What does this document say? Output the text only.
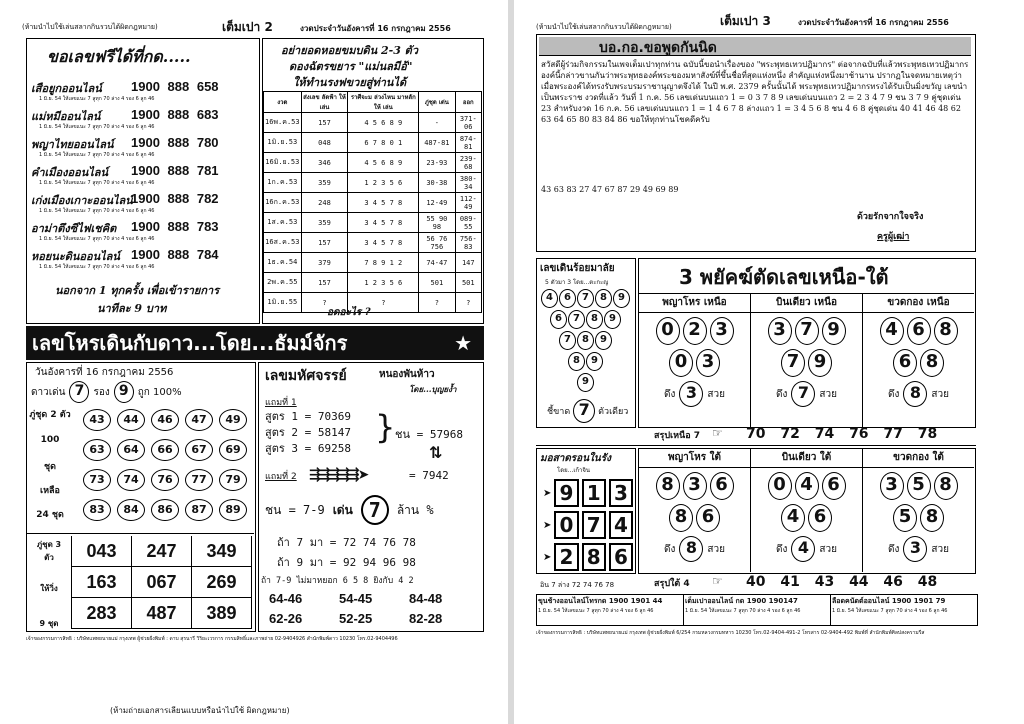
(ห้ามนำไปใช้เล่นสลากกินรวบได้ผิดกฎหมาย)	เต็มเปา 2	งวดประจำวันอังคารที่ 16 กรกฎาคม 2556
ขอเลขฟรีได้ที่กด.....
เสือยูกออนไลน์ 1900 888 658
1 มิ.ย. 54 ให้เลขแนะ 7 ลูทุก 70 ล่าง 4 รอง 6 ลูก 46
แม่หมีออนไลน์ 1900 888 683
1 มิ.ย. 54 ให้เลขแนะ 7 ลูทุก 70 ล่าง 4 รอง 6 ลูก 46
พญาไทยออนไลน์ 1900 888 780
1 มิ.ย. 54 ให้เลขแนะ 7 ลูทุก 70 ล่าง 4 รอง 6 ลูก 46
คำเมืองออนไลน์ 1900 888 781
1 มิ.ย. 54 ให้เลขแนะ 7 ลูทุก 70 ล่าง 4 รอง 6 ลูก 46
เก่งเมืองเกาะออนไลน์
1900 888 782
1 มิ.ย. 54 ให้เลขแนะ 7 ลูทุก 70 ล่าง 4 รอง 6 ลูก 46
อาม่าตึงซีไฟเชคิต 1900 888 783
1 มิ.ย. 54 ให้เลขแนะ 7 ลูทุก 70 ล่าง 4 รอง 6 ลูก 46
หอยนะดินออนไลน์ 1900 888 784
1 มิ.ย. 54 ให้เลขแนะ 7 ลูทุก 70 ล่าง 4 รอง 6 ลูก 46
นอกจาก 1 ทุกครั้ง เพื่อเข้ารายการ
นาทีละ 9 บาท
อย่ายอดหอยขมบดิน 2-3 ตัว
ดองฉัตรขยาร "แม่นลมีอ้"
ให้ทำนรงฟขวยสู่ท่านได้
งวด	ส่งเลข ลัดฟ้า ให้เล่น	ราศีจะม ล่วงไหน มาหลักให้ เล่น	ภู่ชุด เด่น	ออก
16พ.ค.53	157	4 5 6 8 9	-	371-06
1มิ.ย.53	048	6 7 8 0 1	487-81	874-81
16มิ.ย.53	346	4 5 6 8 9	23-93	239-68
1ก.ค.53	359	1 2 3 5 6	30-38	380-34
16ก.ค.53	248	3 4 5 7 8	12-49	112-49
1ส.ค.53	359	3 4 5 7 8	55 90 98	089-55
16ส.ค.53	157	3 4 5 7 8	56 76 756	756-83
1ธ.ค.54	379	7 8 9 1 2	74-47	147
2พ.ค.55	157	1 2 3 5 6	501	501
1มิ.ย.55	?	?	?	?
อดอะไร ?
เลขโหรเดินกับดาว...โดย...ธัมม์จักร	★
วันอังคารที่ 16 กรกฎาคม 2556
ดาวเด่น 7 รอง 9 ถูก 100%
ภู่ชุด 2 ตัว
100
ชุด
เหลือ
24 ชุด
43	44	46	47	49
63	64	66	67	69
73	74	76	77	79
83	84	86	87	89
ภู่ชุด 3 ตัว
ให้วิ่ง
9 ชุด
043	247	349
163	067	269
283	487	389
เลขมหัศจรรย์	หนองพันห้าว
โดย...บุญยง้ำ
แถมที่ 1
สูตร 1 = 70369
สูตร 2 = 58147
สูตร 3 = 69258
} ชน = 57968
⇅
แถมที่ 2 ⇶⇶⇶⇶⇶➤	= 7942
ชน = 7-9 เด่น 7	ล้าน %
ถ้า 7 มา = 72 74 76 78
ถ้า 9 มา = 92 94 96 98
ถ้า 7-9 ไม่มาหยอก 6 5 8 ยิงกับ 4 2
64-46	54-45	84-48
62-26	52-25	82-28
เจ้าของกรรมการสิทธิ : บริษัทแพทยนายแม่ กรุงเทพ ผู้ช่วยฝั่งพิมพ์ : ดาบ สุรนารี วิริยะเวรการ กรรมสิทธิ์และภาพถ่าย 02-9404926 สำนักพิมพ์ดาว 10230 โทร.02-9404496
(ห้ามถ่ายเอกสารเลียนแบบหรือนำไปใช้ ผิดกฎหมาย)
(ห้ามนำไปใช้เล่นสลากกินรวบได้ผิดกฎหมาย)	เต็มเปา 3	งวดประจำวันอังคารที่ 16 กรกฎาคม 2556
บอ.กอ.ขอพูดกันนิด
สวัสดีผู้ร่วมกิจกรรมในเพจเต็มเปาทุกท่าน ฉบับนี้ขอนำเรื่องของ "พระพุทธเทวปฏิมากร" ต่อจากฉบับที่แล้วพระพุทธเทวปฏิมากรองค์นี้กล่าวขานกันว่าพระพุทธองค์พระของมหาสังฆ์ที่ขึ้นชื่อที่สุดแห่งหนึ่ง สำคัญแห่งหนึ่งมาช้านาน ปรากฏในจดหมายเหตุว่า เมื่อพระองค์ได้ทรงรับพระบรมราชานุญาตจึงได้ ในปี พ.ศ. 2379 ครั้นนั้นได้ พระพุทธเทวปฏิมากรทรงได้รับเป็นมิ่งขวัญ เลขนำเป็นพระราช งวดที่แล้ว วันที่ 1 ก.ค. 56 เลขเด่นบนแถว 1 = 0 3 7 8 9 เลขเด่นบนแถว 2 = 2 3 4 7 9 ชน 3 7 9 คู่ชุดเด่น 23 สำหรับงวด 16 ก.ค. 56 เลขเด่นบนแถว 1 = 1 4 6 7 8 ล่างแถว 1 = 3 4 5 6 8 ชน 4 6 8 คู่ชุดเด่น 40 41 46 48 62 63 64 65 80 83 84 86 ขอให้ทุกท่านโชคดีครับ
43 63 83 27 47 67 87 29 49 69 89
ด้วยรักจากใจจริง
ครูผู้เฒ่า
เลขเดินร้อยมาลัย
5 ตัวมา 3 โดย...ตะกะญ
4	6	7	8	9
6	7	8	9
7	8	9
8	9
9
ชี้ขาด 7 ตัวเดียว
3 พยัคฆ์ตัดเลขเหนือ-ใต้
พญาโหร เหนือ
0 2 3
0 3
ดึง 3	สวย
บินเดียว เหนือ
3 7 9
7 9
ดึง 7	สวย
ขวดกอง เหนือ
4 6 8
6 8
ดึง 8	สวย
สรุปเหนือ 7 ☞ 70 72 74 76 77 78
มอสาดรอนในรัง
โดย...เก้าจิน
➤ 9 1 3
➤ 0 7 4
➤ 2 8 6
พญาโหร ใต้
8 3 6
8 6
ดึง 8	สวย
บินเดียว ใต้
0 4 6
4 6
ดึง 4	สวย
ขวดกอง ใต้
3 5 8
5 8
ดึง 3	สวย
อิน 7 ล่าง 72 74 76 78	สรุปใต้ 4 ☞ 40 41 43 44 46 48
ขุนช้างออนไลน์โทรกด 1900 1901 44
1 มิ.ย. 54 ให้เลขแนะ 7 ลูทุก 70 ล่าง 4 รอง 6 ลูก 46
เต็มเปาออนไลน์ กด 1900 190147
1 มิ.ย. 54 ให้เลขแนะ 7 ลูทุก 70 ล่าง 4 รอง 6 ลูก 46
ลือดคนัดต์ออนไลน์ 1900 1901 79
1 มิ.ย. 54 ให้เลขแนะ 7 ลูทุก 70 ล่าง 4 รอง 6 ลูก 46
เจ้าของกรรมการสิทธิ : บริษัทแพทยนายแม่ กรุงเทพ ผู้ช่วยฝั่งพิมพ์ 6/254 กรมหลวงกรมทหาร 10230 โทร.02-9404-491-2 โทรสาร 02-9404-492 พิมพ์ที่ สำนักพิมพ์ศิลปสงครามรีส
